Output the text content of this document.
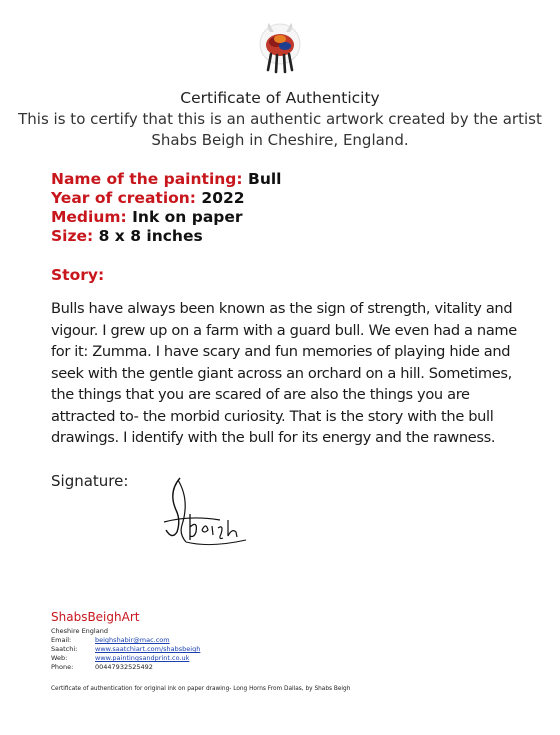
Certificate of Authenticity
This is to certify that this is an authentic artwork created by the artist
Shabs Beigh in Cheshire, England.
Name of the painting: Bull
Year of creation: 2022
Medium: Ink on paper
Size: 8 x 8 inches
Story:
Bulls have always been known as the sign of strength, vitality and vigour. I grew up on a farm with a guard bull. We even had a name for it: Zumma. I have scary and fun memories of playing hide and seek with the gentle giant across an orchard on a hill. Sometimes, the things that you are scared of are also the things you are attracted to- the morbid curiosity. That is the story with the bull drawings. I identify with the bull for its energy and the rawness.
Signature:
ShabsBeighArt
Cheshire England
Email:	beighshabir@mac.com
Saatchi:	www.saatchiart.com/shabsbeigh
Web:	www.paintingsandprint.co.uk
Phone:	00447932525492
Certificate of authentication for original ink on paper drawing- Long Horns From Dallas, by Shabs Beigh
